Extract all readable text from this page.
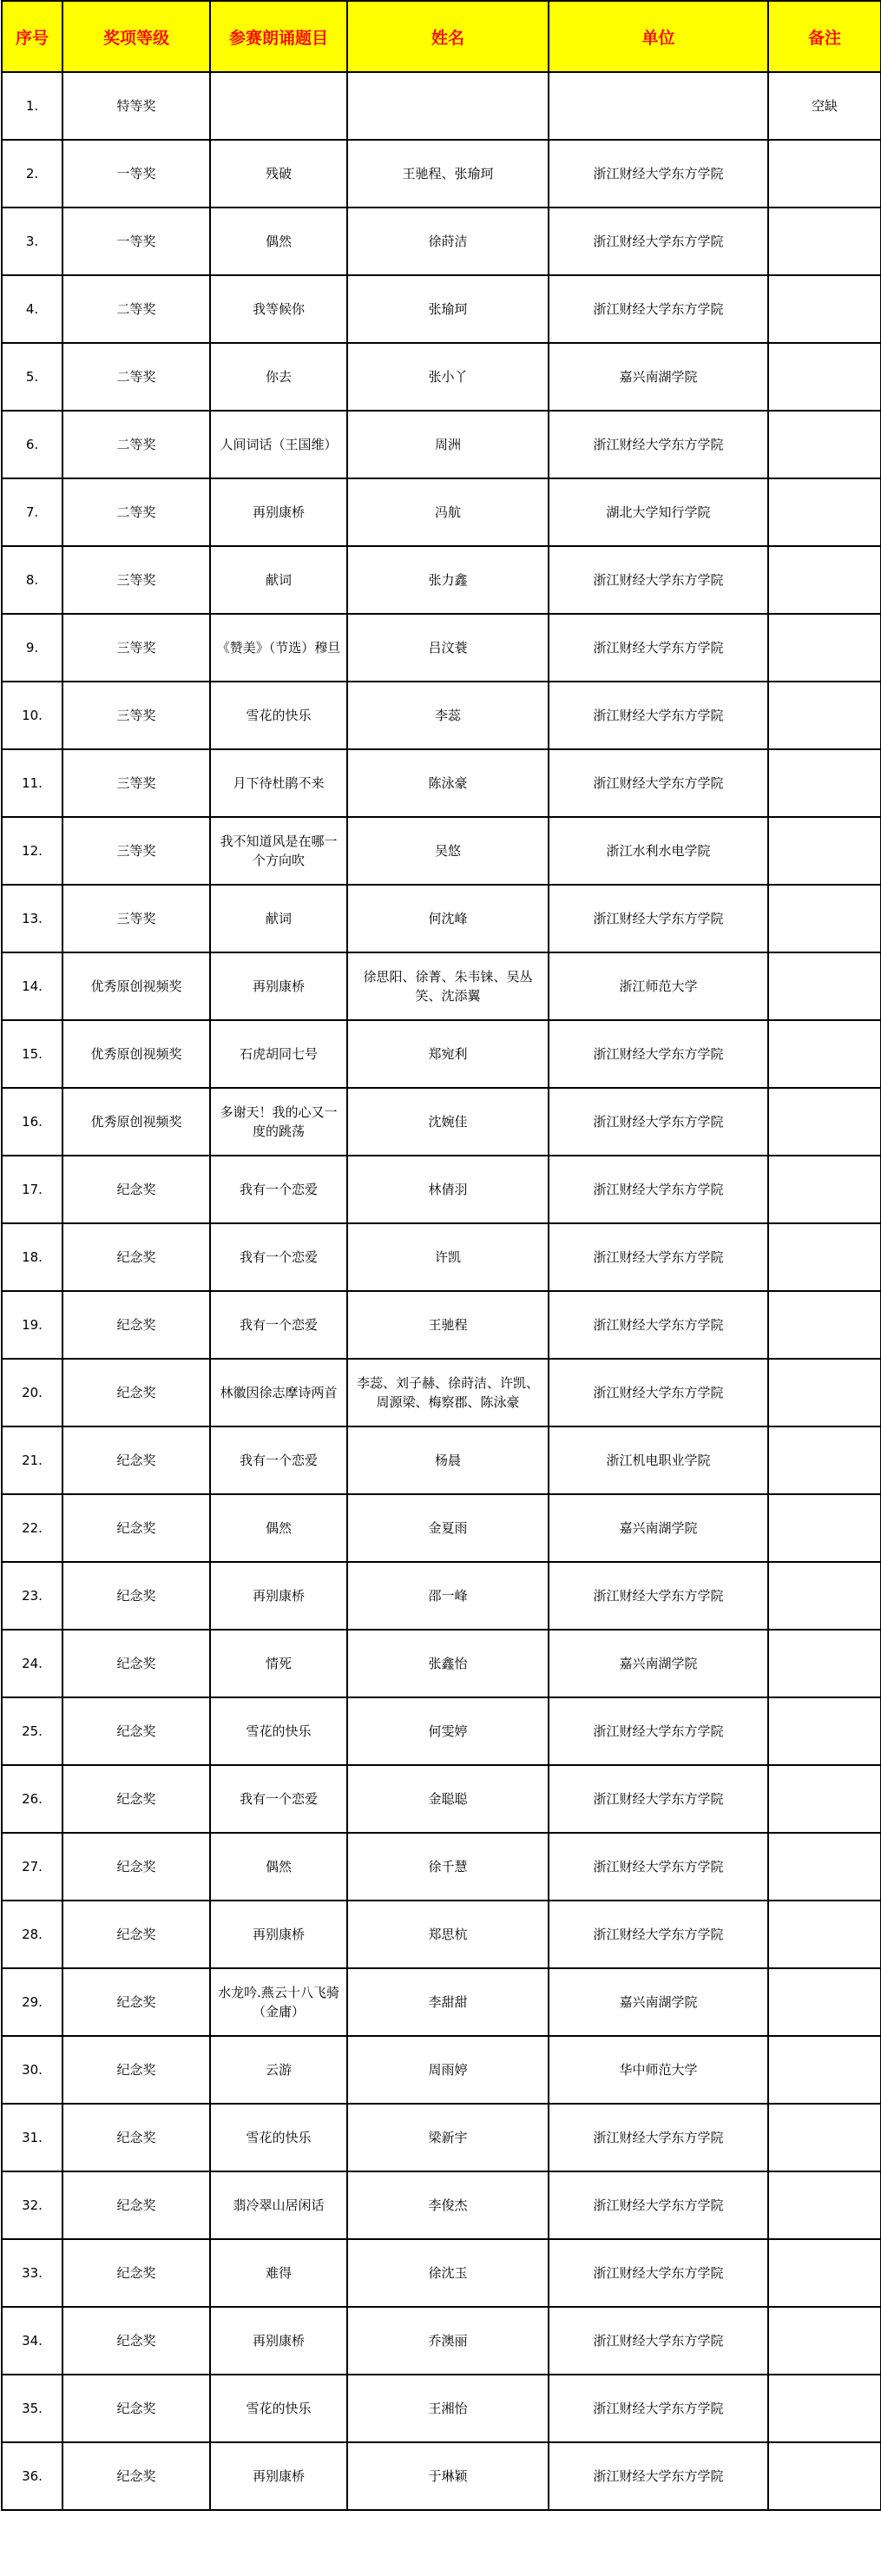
序号	奖项等级	参赛朗诵题目	姓名	单位	备注
1.	特等奖				空缺
2.	一等奖	残破	王驰程、张瑜珂	浙江财经大学东方学院	
3.	一等奖	偶然	徐莳洁	浙江财经大学东方学院	
4.	二等奖	我等候你	张瑜珂	浙江财经大学东方学院	
5.	二等奖	你去	张小丫	嘉兴南湖学院	
6.	二等奖	人间词话（王国维）	周洲	浙江财经大学东方学院	
7.	二等奖	再别康桥	冯航	湖北大学知行学院	
8.	三等奖	献词	张力鑫	浙江财经大学东方学院	
9.	三等奖	《赞美》（节选）穆旦	吕汶蓑	浙江财经大学东方学院	
10.	三等奖	雪花的快乐	李蕊	浙江财经大学东方学院	
11.	三等奖	月下待杜鹃不来	陈泳豪	浙江财经大学东方学院	
12.	三等奖	我不知道风是在哪一个方向吹	吴悠	浙江水利水电学院	
13.	三等奖	献词	何沈峰	浙江财经大学东方学院	
14.	优秀原创视频奖	再别康桥	徐思阳、徐菁、朱韦铼、吴丛笑、沈添翼	浙江师范大学	
15.	优秀原创视频奖	石虎胡同七号	郑宛利	浙江财经大学东方学院	
16.	优秀原创视频奖	多谢天！我的心又一度的跳荡	沈婉佳	浙江财经大学东方学院	
17.	纪念奖	我有一个恋爱	林倩羽	浙江财经大学东方学院	
18.	纪念奖	我有一个恋爱	许凯	浙江财经大学东方学院	
19.	纪念奖	我有一个恋爱	王驰程	浙江财经大学东方学院	
20.	纪念奖	林徽因徐志摩诗两首	李蕊、刘子赫、徐莳洁、许凯、周源梁、梅察郡、陈泳豪	浙江财经大学东方学院	
21.	纪念奖	我有一个恋爱	杨晨	浙江机电职业学院	
22.	纪念奖	偶然	金夏雨	嘉兴南湖学院	
23.	纪念奖	再别康桥	邵一峰	浙江财经大学东方学院	
24.	纪念奖	情死	张鑫怡	嘉兴南湖学院	
25.	纪念奖	雪花的快乐	何雯婷	浙江财经大学东方学院	
26.	纪念奖	我有一个恋爱	金聪聪	浙江财经大学东方学院	
27.	纪念奖	偶然	徐千慧	浙江财经大学东方学院	
28.	纪念奖	再别康桥	郑思杭	浙江财经大学东方学院	
29.	纪念奖	水龙吟.燕云十八飞骑（金庸）	李甜甜	嘉兴南湖学院	
30.	纪念奖	云游	周雨婷	华中师范大学	
31.	纪念奖	雪花的快乐	梁新宇	浙江财经大学东方学院	
32.	纪念奖	翡冷翠山居闲话	李俊杰	浙江财经大学东方学院	
33.	纪念奖	难得	徐沈玉	浙江财经大学东方学院	
34.	纪念奖	再别康桥	乔澳丽	浙江财经大学东方学院	
35.	纪念奖	雪花的快乐	王湘怡	浙江财经大学东方学院	
36.	纪念奖	再别康桥	于琳颖	浙江财经大学东方学院	
